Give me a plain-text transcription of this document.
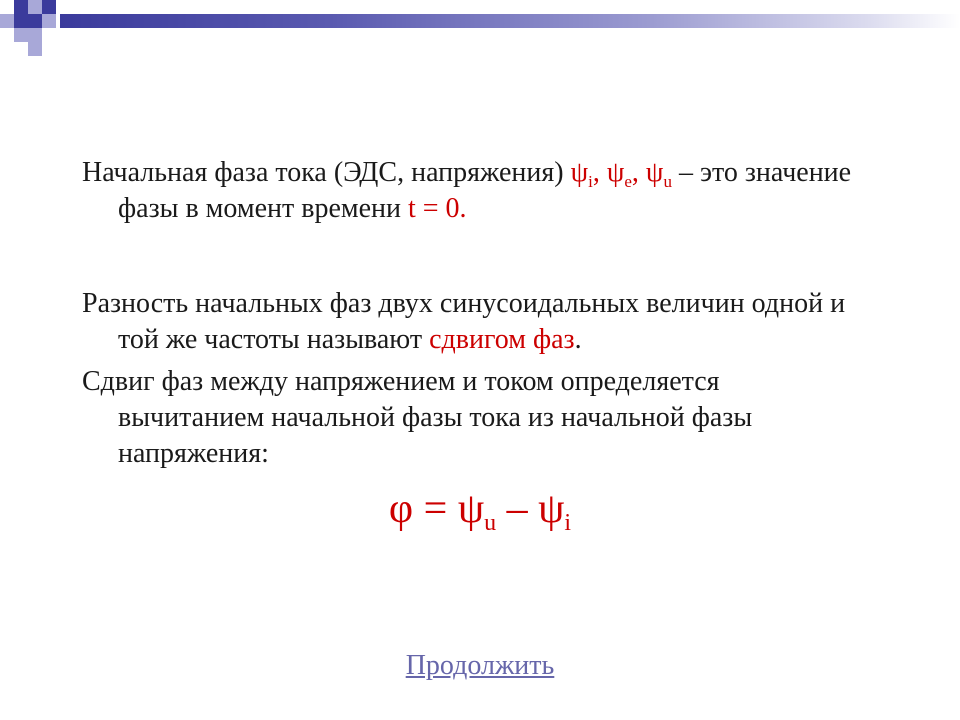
Начальная фаза тока (ЭДС, напряжения) $\psi_i$, $\psi_e$, $\psi_u$ – это значение фазы в момент времени t = 0.
Разность начальных фаз двух синусоидальных величин одной и той же частоты называют сдвигом фаз.
Сдвиг фаз между напряжением и током определяется вычитанием начальной фазы тока из начальной фазы напряжения:
$\varphi = \psi_u - \psi_i$
Продолжить
